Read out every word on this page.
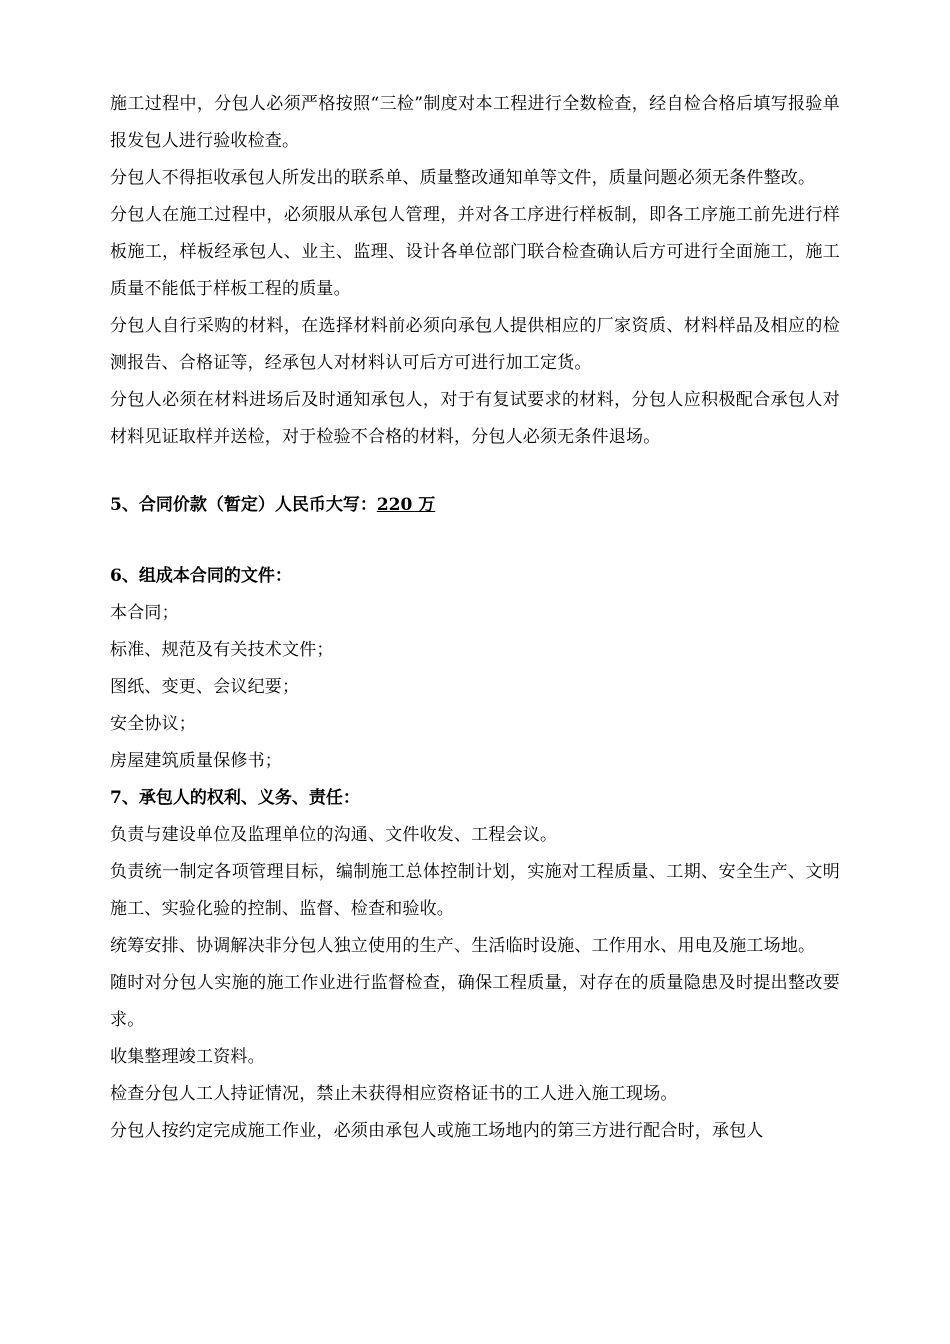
施工过程中，分包人必须严格按照“三检”制度对本工程进行全数检查，经自检合格后填写报验单报发包人进行验收检查。

分包人不得拒收承包人所发出的联系单、质量整改通知单等文件，质量问题必须无条件整改。

分包人在施工过程中，必须服从承包人管理，并对各工序进行样板制，即各工序施工前先进行样板施工，样板经承包人、业主、监理、设计各单位部门联合检查确认后方可进行全面施工，施工质量不能低于样板工程的质量。

分包人自行采购的材料，在选择材料前必须向承包人提供相应的厂家资质、材料样品及相应的检测报告、合格证等，经承包人对材料认可后方可进行加工定货。

分包人必须在材料进场后及时通知承包人，对于有复试要求的材料，分包人应积极配合承包人对材料见证取样并送检，对于检验不合格的材料，分包人必须无条件退场。

5、合同价款（暂定）人民币大写：220 万

6、组成本合同的文件：

本合同；

标准、规范及有关技术文件；

图纸、变更、会议纪要；

安全协议；

房屋建筑质量保修书；

7、承包人的权利、义务、责任：

负责与建设单位及监理单位的沟通、文件收发、工程会议。

负责统一制定各项管理目标，编制施工总体控制计划，实施对工程质量、工期、安全生产、文明施工、实验化验的控制、监督、检查和验收。

统筹安排、协调解决非分包人独立使用的生产、生活临时设施、工作用水、用电及施工场地。

随时对分包人实施的施工作业进行监督检查，确保工程质量，对存在的质量隐患及时提出整改要求。

收集整理竣工资料。

检查分包人工人持证情况，禁止未获得相应资格证书的工人进入施工现场。

分包人按约定完成施工作业，必须由承包人或施工场地内的第三方进行配合时，承包人
